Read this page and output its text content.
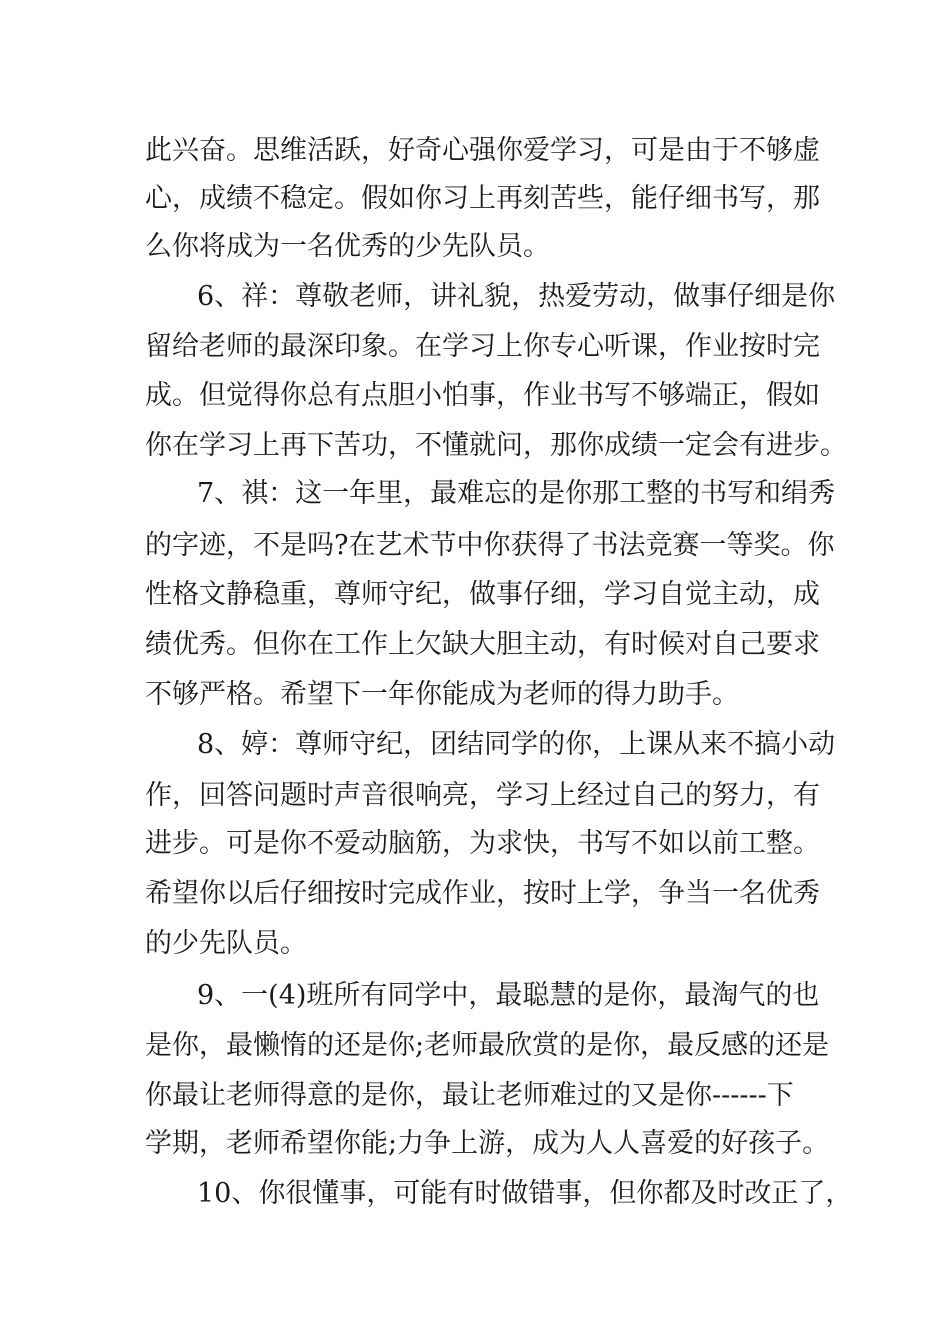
此兴奋。思维活跃，好奇心强你爱学习，可是由于不够虚
心，成绩不稳定。假如你习上再刻苦些，能仔细书写，那
么你将成为一名优秀的少先队员。
6、祥：尊敬老师，讲礼貌，热爱劳动，做事仔细是你
留给老师的最深印象。在学习上你专心听课，作业按时完
成。但觉得你总有点胆小怕事，作业书写不够端正，假如
你在学习上再下苦功，不懂就问，那你成绩一定会有进步。
7、祺：这一年里，最难忘的是你那工整的书写和绢秀
的字迹，不是吗?在艺术节中你获得了书法竞赛一等奖。你
性格文静稳重，尊师守纪，做事仔细，学习自觉主动，成
绩优秀。但你在工作上欠缺大胆主动，有时候对自己要求
不够严格。希望下一年你能成为老师的得力助手。
8、婷：尊师守纪，团结同学的你，上课从来不搞小动
作，回答问题时声音很响亮，学习上经过自己的努力，有
进步。可是你不爱动脑筋，为求快，书写不如以前工整。
希望你以后仔细按时完成作业，按时上学，争当一名优秀
的少先队员。
9、一(4)班所有同学中，最聪慧的是你，最淘气的也
是你，最懒惰的还是你;老师最欣赏的是你，最反感的还是
你最让老师得意的是你，最让老师难过的又是你------下
学期，老师希望你能;力争上游，成为人人喜爱的好孩子。
10、你很懂事，可能有时做错事，但你都及时改正了，
